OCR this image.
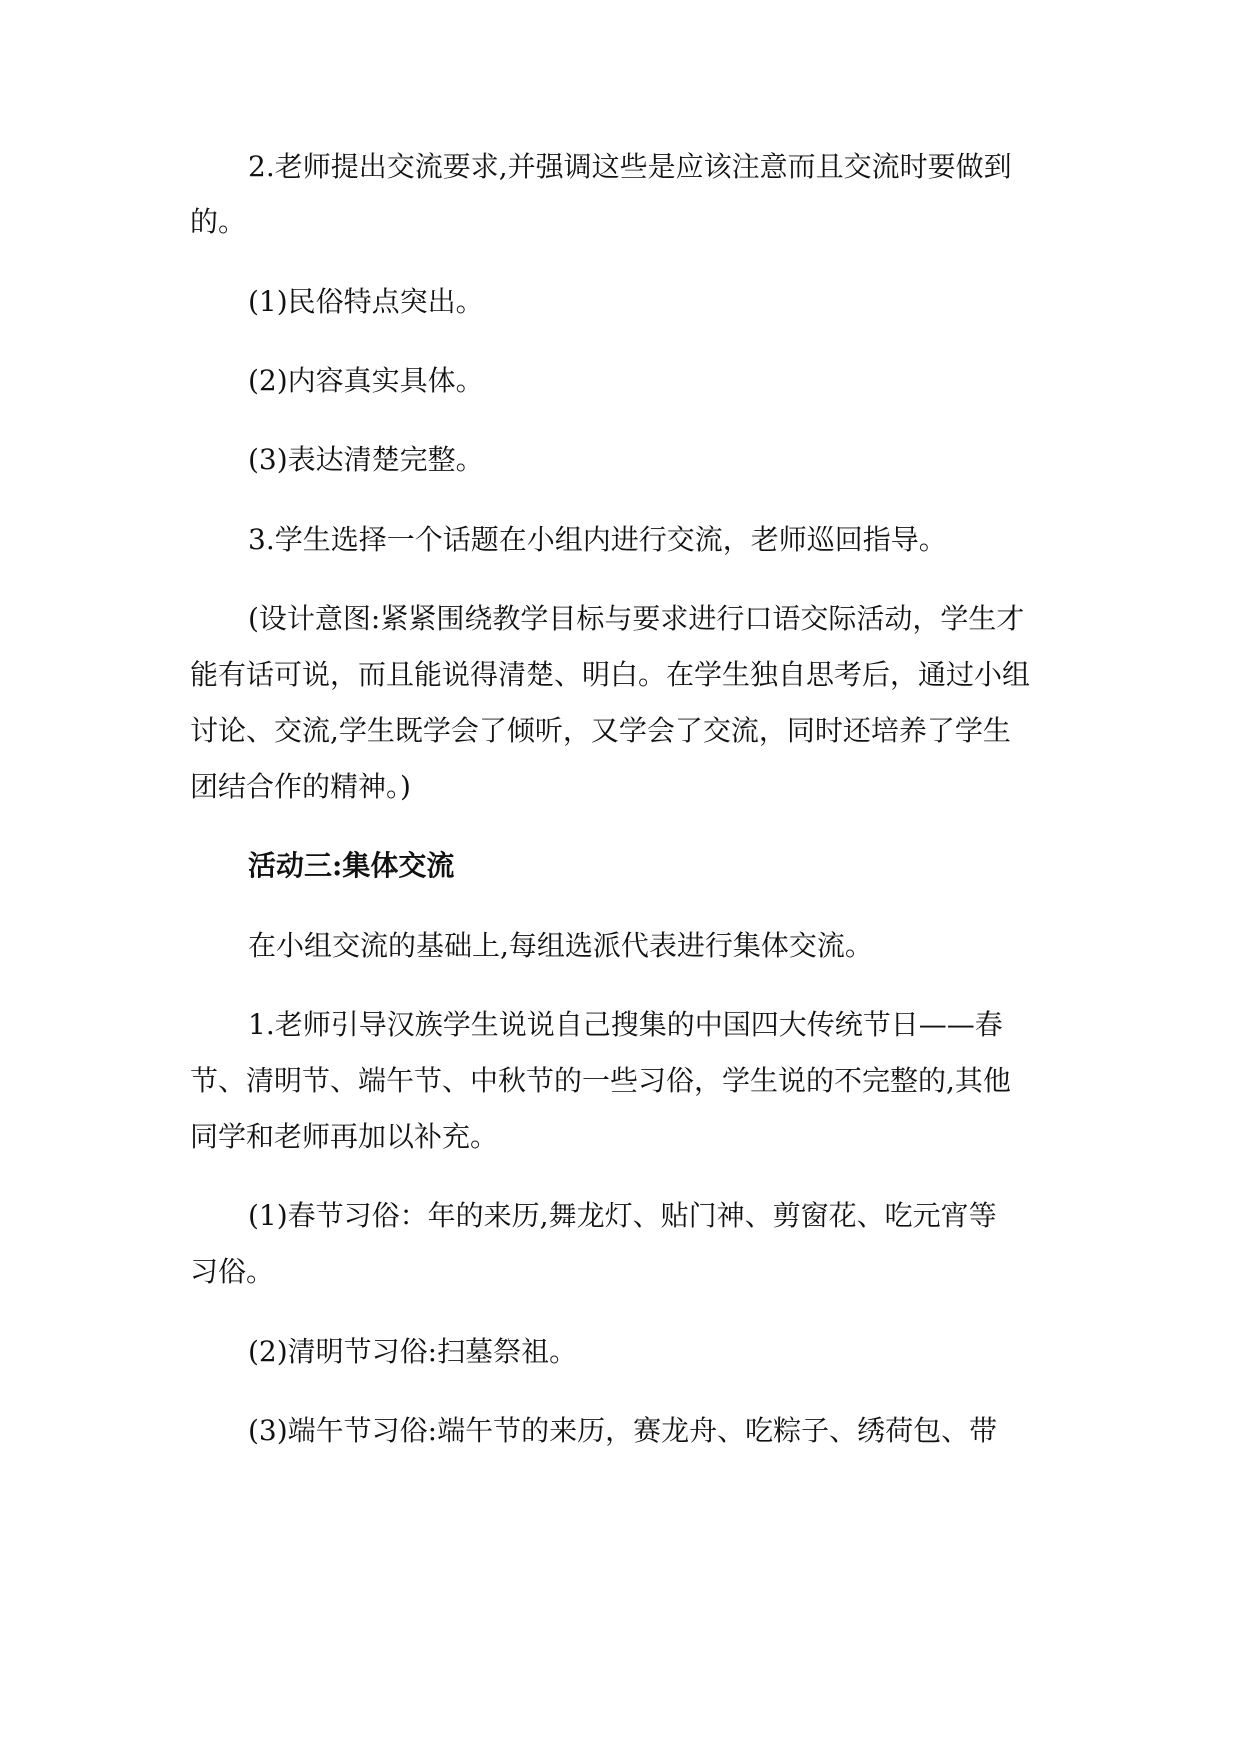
2.老师提出交流要求,并强调这些是应该注意而且交流时要做到

的。

(1)民俗特点突出。

(2)内容真实具体。

(3)表达清楚完整。

3.学生选择一个话题在小组内进行交流，老师巡回指导。

(设计意图:紧紧围绕教学目标与要求进行口语交际活动，学生才

能有话可说，而且能说得清楚、明白。在学生独自思考后，通过小组

讨论、交流,学生既学会了倾听，又学会了交流，同时还培养了学生

团结合作的精神。)

活动三:集体交流

在小组交流的基础上,每组选派代表进行集体交流。

1.老师引导汉族学生说说自己搜集的中国四大传统节日——春

节、清明节、端午节、中秋节的一些习俗，学生说的不完整的,其他

同学和老师再加以补充。

(1)春节习俗：年的来历,舞龙灯、贴门神、剪窗花、吃元宵等

习俗。

(2)清明节习俗:扫墓祭祖。

(3)端午节习俗:端午节的来历，赛龙舟、吃粽子、绣荷包、带
